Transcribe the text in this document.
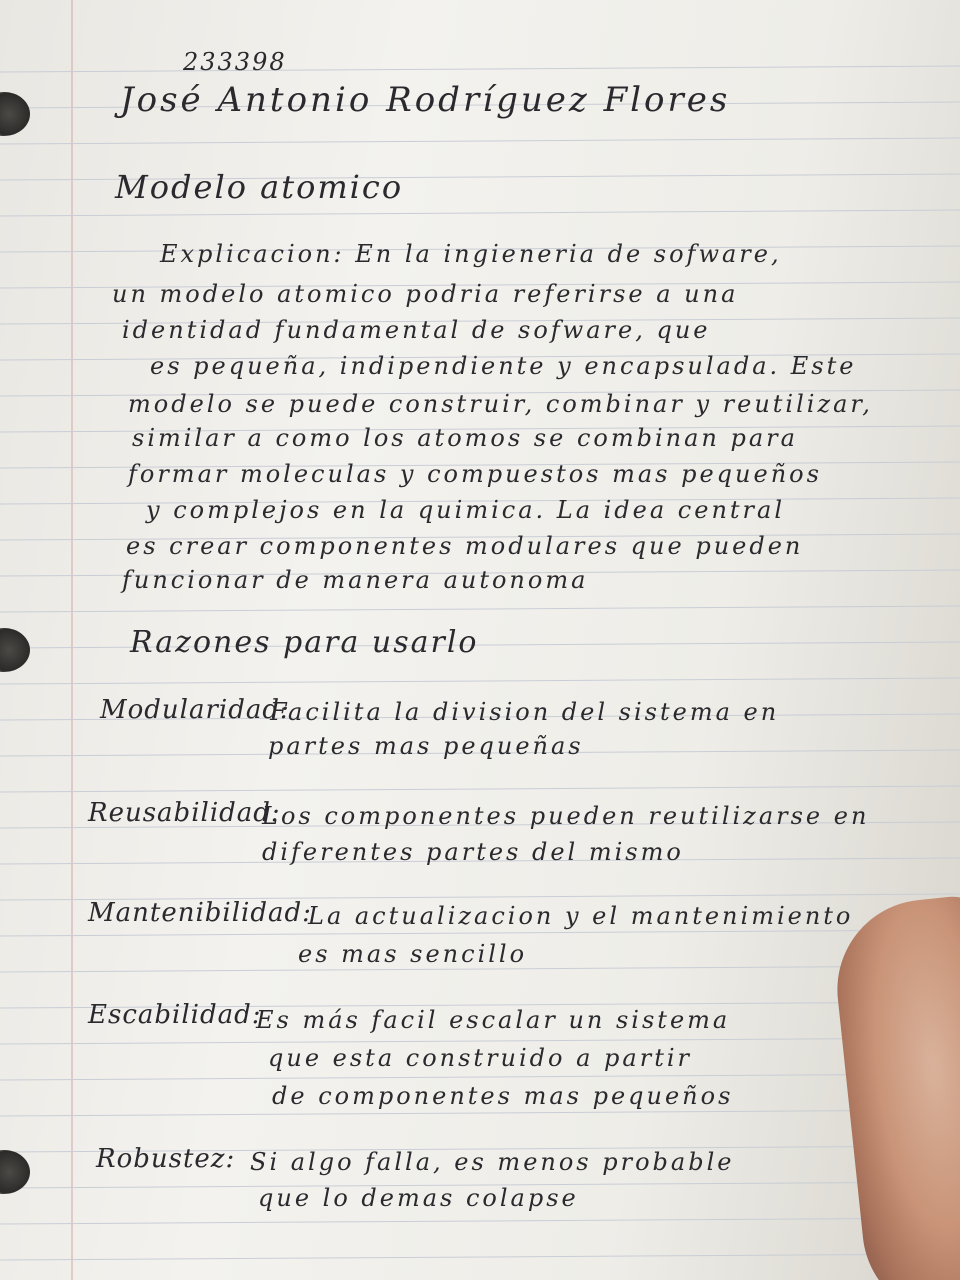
233398
José Antonio Rodríguez Flores
Modelo atomico
Explicacion: En la ingieneria de sofware,
un modelo atomico podria referirse a una
identidad fundamental de sofware, que
es pequeña, indipendiente y encapsulada. Este
modelo se puede construir, combinar y reutilizar,
similar a como los atomos se combinan para
formar moleculas y compuestos mas pequeños
y complejos en la quimica. La idea central
es crear componentes modulares que pueden
funcionar de manera autonoma
Razones para usarlo
Modularidad:
Facilita la division del sistema en
partes mas pequeñas
Reusabilidad:
Los componentes pueden reutilizarse en
diferentes partes del mismo
Mantenibilidad:
La actualizacion y el mantenimiento
es mas sencillo
Escabilidad:
Es más facil escalar un sistema
que esta construido a partir
de componentes mas pequeños
Robustez: Si algo falla, es menos probable
que lo demas colapse
